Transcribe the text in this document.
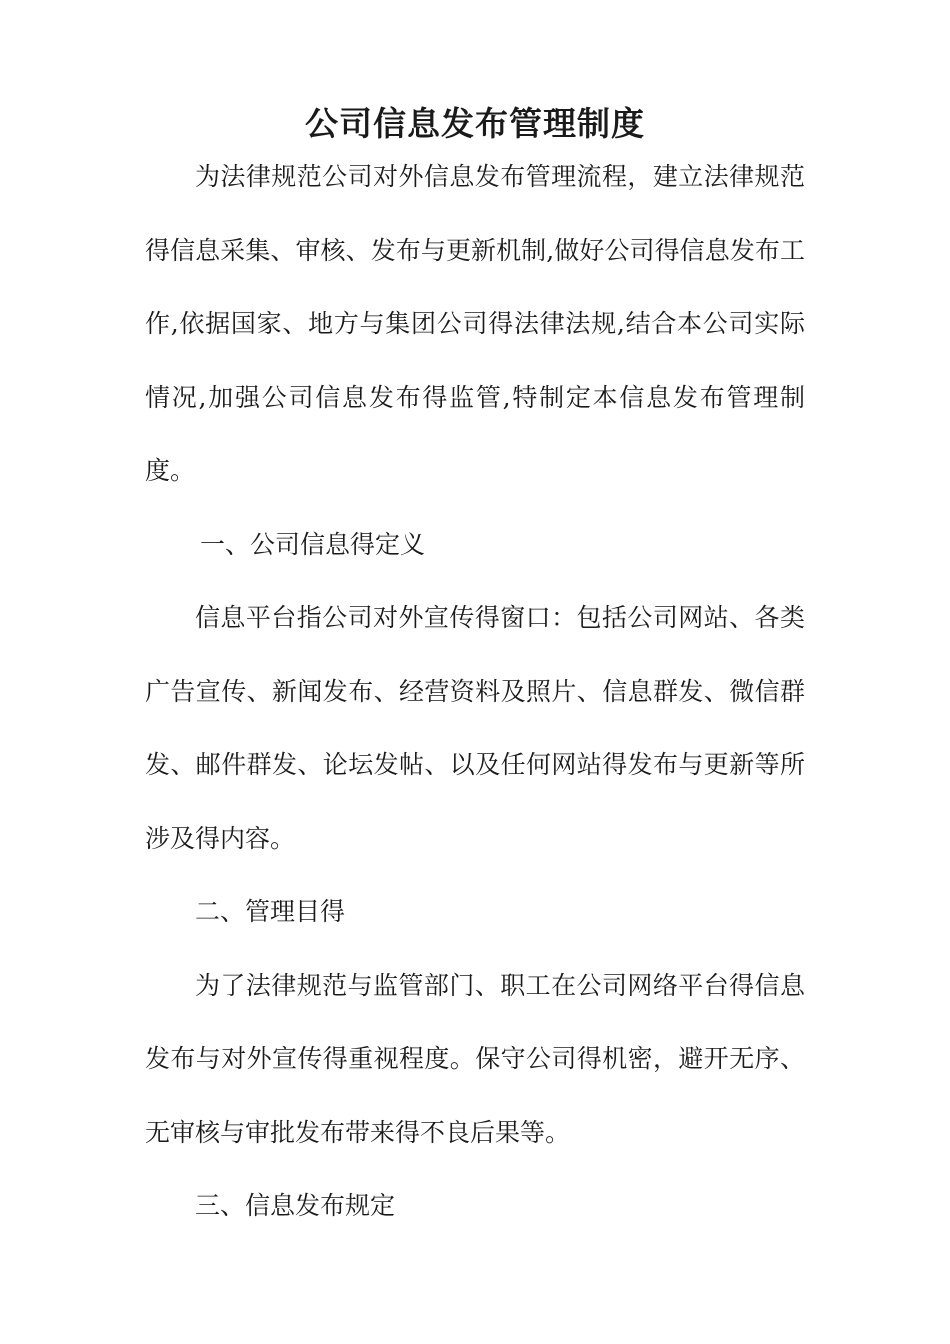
公司信息发布管理制度

为法律规范公司对外信息发布管理流程，建立法律规范得信息采集、审核、发布与更新机制,做好公司得信息发布工作,依据国家、地方与集团公司得法律法规,结合本公司实际情况,加强公司信息发布得监管,特制定本信息发布管理制度。

一、公司信息得定义

信息平台指公司对外宣传得窗口：包括公司网站、各类广告宣传、新闻发布、经营资料及照片、信息群发、微信群发、邮件群发、论坛发帖、以及任何网站得发布与更新等所涉及得内容。

二、管理目得

为了法律规范与监管部门、职工在公司网络平台得信息发布与对外宣传得重视程度。保守公司得机密，避开无序、无审核与审批发布带来得不良后果等。

三、信息发布规定
